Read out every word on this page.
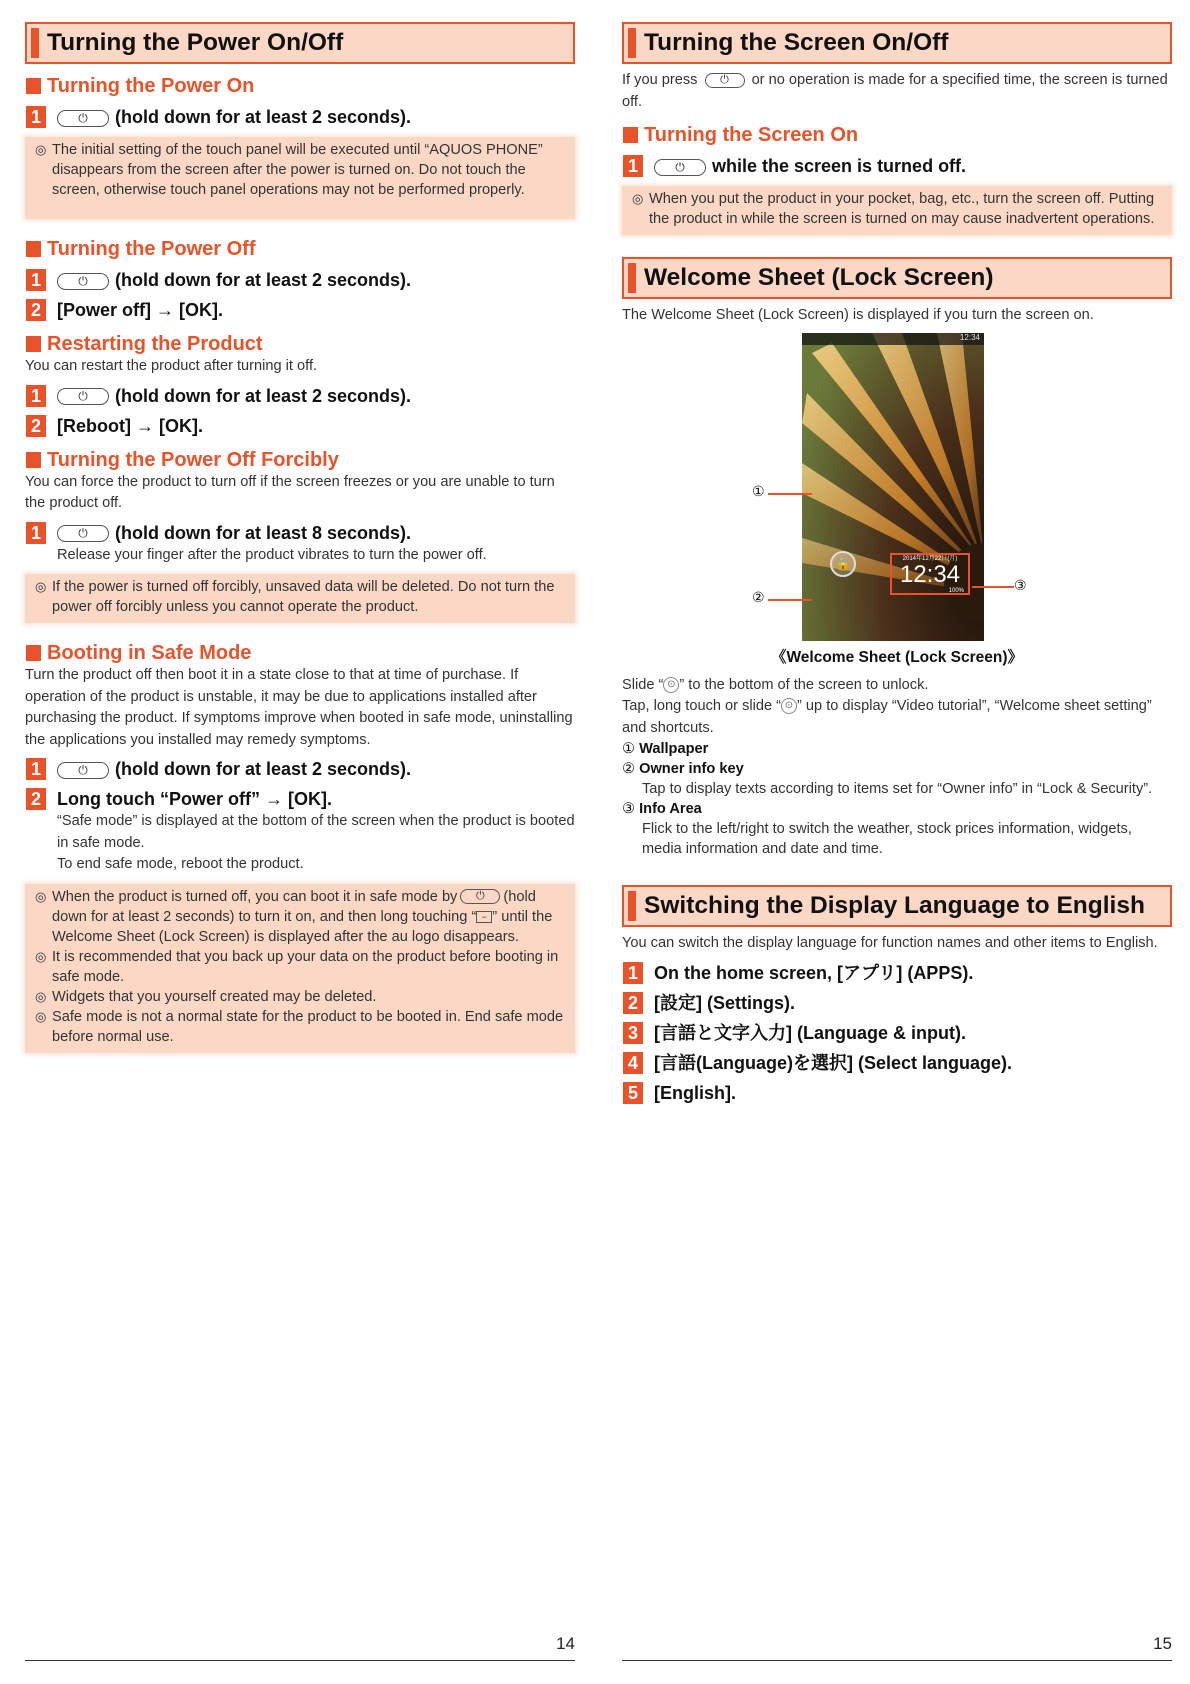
Turning the Power On/Off
Turning the Power On
1	⏻ (hold down for at least 2 seconds).
◎ The initial setting of the touch panel will be executed until “AQUOS PHONE” disappears from the screen after the power is turned on. Do not touch the screen, otherwise touch panel operations may not be performed properly.
Turning the Power Off
1	⏻ (hold down for at least 2 seconds).
2 [Power off] → [OK].
Restarting the Product
You can restart the product after turning it off.
1	⏻ (hold down for at least 2 seconds).
2 [Reboot] → [OK].
Turning the Power Off Forcibly
You can force the product to turn off if the screen freezes or you are unable to turn the product off.
1	⏻ (hold down for at least 8 seconds).
Release your finger after the product vibrates to turn the power off.
◎ If the power is turned off forcibly, unsaved data will be deleted. Do not turn the power off forcibly unless you cannot operate the product.
Booting in Safe Mode
Turn the product off then boot it in a state close to that at time of purchase. If operation of the product is unstable, it may be due to applications installed after purchasing the product. If symptoms improve when booted in safe mode, uninstalling the applications you installed may remedy symptoms.
1	⏻ (hold down for at least 2 seconds).
2 Long touch “Power off” → [OK].
“Safe mode” is displayed at the bottom of the screen when the product is booted in safe mode.
To end safe mode, reboot the product.
◎ When the product is turned off, you can boot it in safe mode by ⏻ (hold down for at least 2 seconds) to turn it on, and then long touching “ − ” until the Welcome Sheet (Lock Screen) is displayed after the au logo disappears.
◎ It is recommended that you back up your data on the product before booting in safe mode.
◎ Widgets that you yourself created may be deleted.
◎ Safe mode is not a normal state for the product to be booted in. End safe mode before normal use.
Turning the Screen On/Off
If you press ⏻ or no operation is made for a specified time, the screen is turned off.
Turning the Screen On
1	⏻ while the screen is turned off.
◎ When you put the product in your pocket, bag, etc., turn the screen off. Putting the product in while the screen is turned on may cause inadvertent operations.
Welcome Sheet (Lock Screen)
The Welcome Sheet (Lock Screen) is displayed if you turn the screen on.
12:34
🔒	2014年12月22日(月)
12:34
100%
①
②
③
《Welcome Sheet (Lock Screen)》
Slide “ ⊙ ” to the bottom of the screen to unlock.
Tap, long touch or slide “ ⊙ ” up to display “Video tutorial”, “Welcome sheet setting” and shortcuts.
① Wallpaper
② Owner info key
Tap to display texts according to items set for “Owner info” in “Lock & Security”.
③ Info Area
Flick to the left/right to switch the weather, stock prices information, widgets, media information and date and time.
Switching the Display Language to English
You can switch the display language for function names and other items to English.
1 On the home screen, [アプリ] (APPS).
2 [設定] (Settings).
3 [言語と文字入力] (Language & input).
4 [言語(Language)を選択] (Select language).
5 [English].
14	15
